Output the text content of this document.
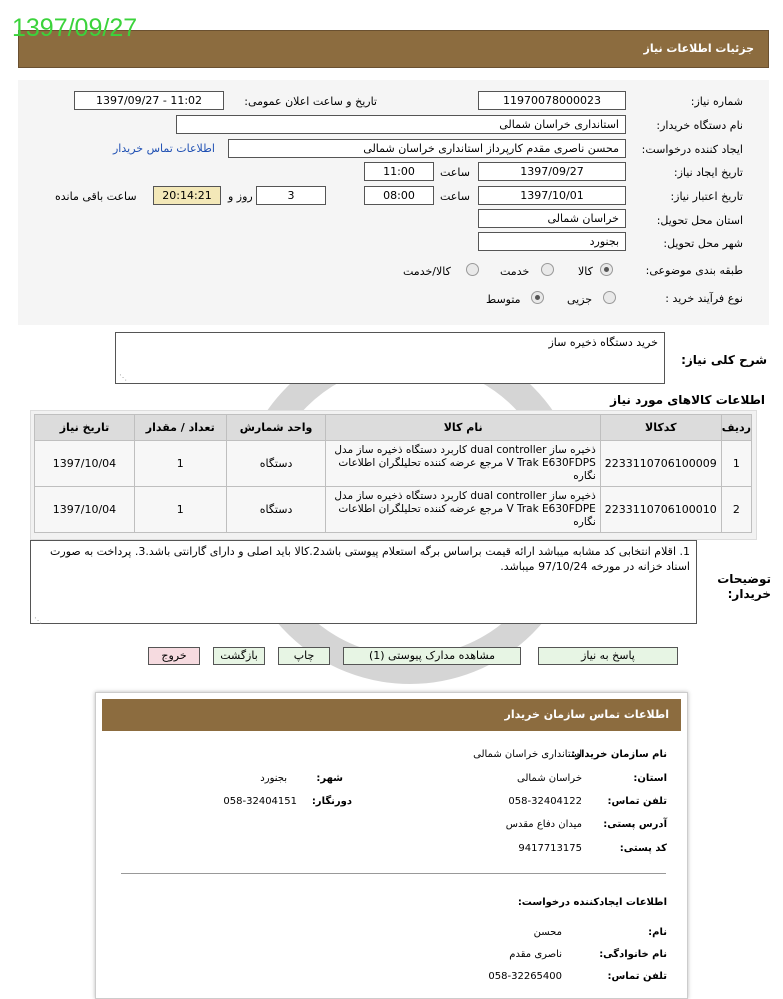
1397/09/27
جزئیات اطلاعات نیاز
شماره نیاز:
11970078000023
تاریخ و ساعت اعلان عمومی:
1397/09/27 - 11:02
نام دستگاه خریدار:
استانداری خراسان شمالی
ایجاد کننده درخواست:
محسن ناصری مقدم کارپرداز استانداری خراسان شمالی
اطلاعات تماس خریدار
تاریخ ایجاد نیاز:
1397/09/27
ساعت
11:00
تاریخ اعتبار نیاز:
1397/10/01
ساعت
08:00
3
روز و
20:14:21
ساعت باقی مانده
استان محل تحویل:
خراسان شمالی
شهر محل تحویل:
بجنورد
طبقه بندی موضوعی:
کالا
خدمت
کالا/خدمت
نوع فرآیند خرید :
جزیی
متوسط
شرح کلی نیاز:
خرید دستگاه ذخیره ساز
⋰
اطلاعات کالاهای مورد نیاز
ردیف	کدکالا	نام کالا	واحد شمارش	تعداد / مقدار	تاریخ نیاز
1	2233110706100009	ذخیره ساز dual controller کاربرد دستگاه ذخیره ساز مدل V Trak E630FDPS مرجع عرضه کننده تحلیلگران اطلاعات نگاره	دستگاه	1	1397/10/04
2	2233110706100010	ذخیره ساز dual controller کاربرد دستگاه ذخیره ساز مدل V Trak E630FDPE مرجع عرضه کننده تحلیلگران اطلاعات نگاره	دستگاه	1	1397/10/04
توضیحات خریدار:
1. اقلام انتخابی کد مشابه میباشد ارائه قیمت براساس برگه استعلام پیوستی باشد2.کالا باید اصلی و دارای گارانتی باشد.3. پرداخت به صورت اسناد خزانه در مورخه 97/10/24 میباشد.
⋰
پاسخ به نیاز
مشاهده مدارک پیوستی (1)
چاپ
بازگشت
خروج
اطلاعات تماس سازمان خریدار
نام سازمان خریدار:
استانداری خراسان شمالی
استان:
خراسان شمالی
شهر:
بجنورد
تلفن تماس:
058-32404122
دورنگار:
058-32404151
آدرس پستی:
میدان دفاع مقدس
کد پستی:
9417713175
اطلاعات ایجادکننده درخواست:
نام:
محسن
نام خانوادگی:
ناصری مقدم
تلفن تماس:
058-32265400
